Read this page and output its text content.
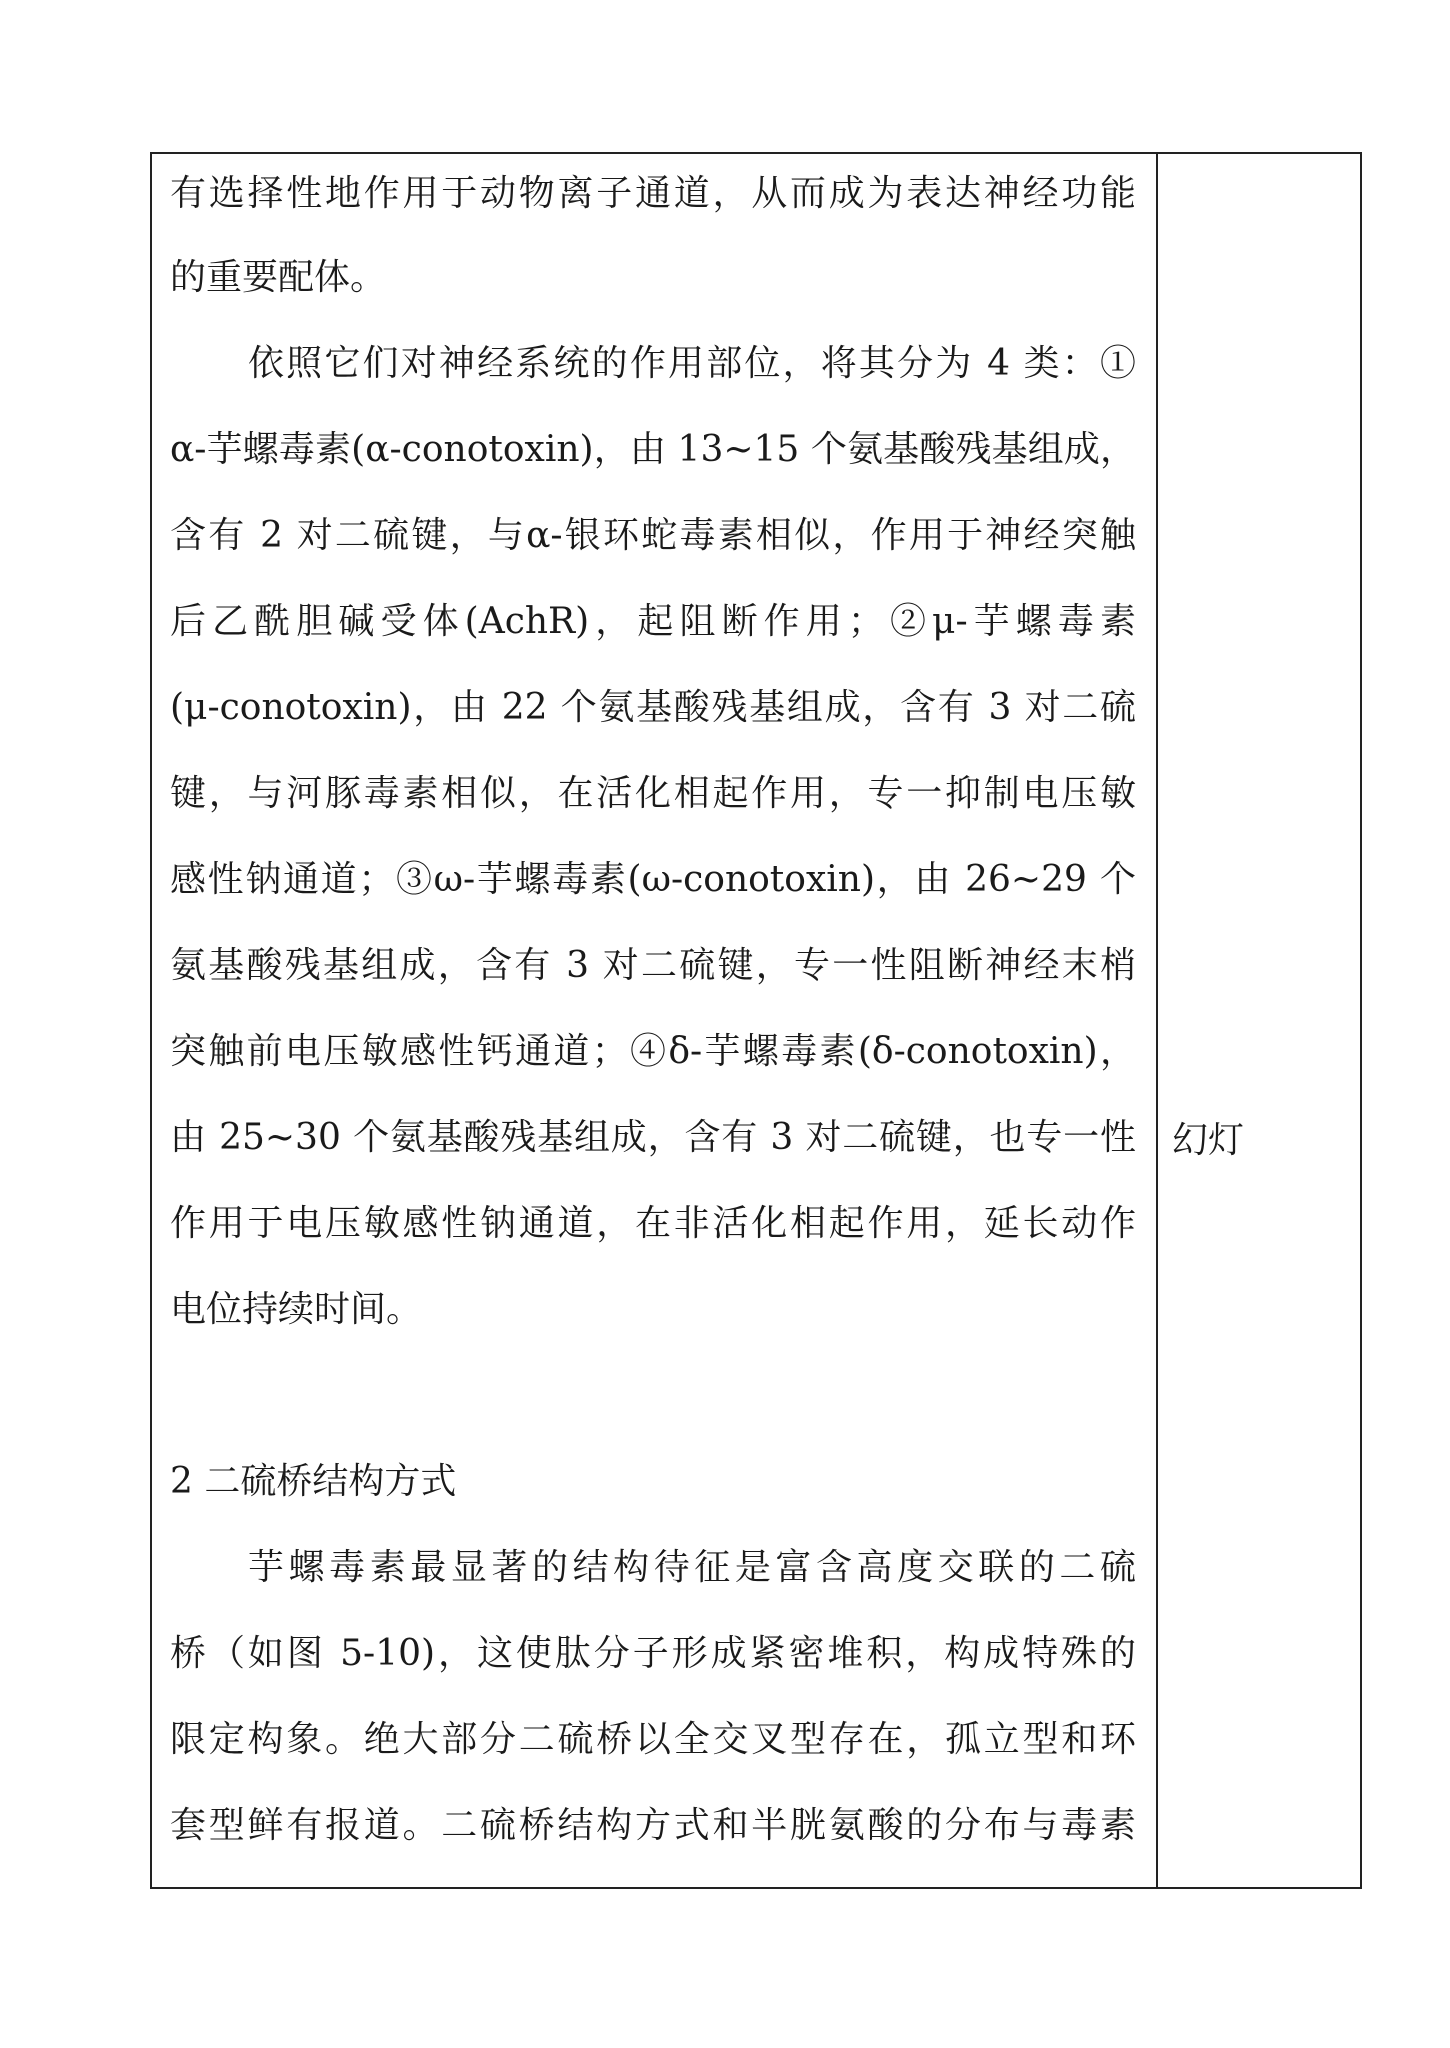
有选择性地作用于动物离子通道，从而成为表达神经功能
的重要配体。
依照它们对神经系统的作用部位，将其分为 4 类：①
α-芋螺毒素(α-conotoxin)，由 13~15 个氨基酸残基组成，
含有 2 对二硫键，与α-银环蛇毒素相似，作用于神经突触
后乙酰胆碱受体(AchR)，起阻断作用；②μ-芋螺毒素
(μ-conotoxin)，由 22 个氨基酸残基组成，含有 3 对二硫
键，与河豚毒素相似，在活化相起作用，专一抑制电压敏
感性钠通道；③ω-芋螺毒素(ω-conotoxin)，由 26~29 个
氨基酸残基组成，含有 3 对二硫键，专一性阻断神经末梢
突触前电压敏感性钙通道；④δ-芋螺毒素(δ-conotoxin)，
由 25~30 个氨基酸残基组成，含有 3 对二硫键，也专一性
作用于电压敏感性钠通道，在非活化相起作用，延长动作
电位持续时间。
2 二硫桥结构方式
芋螺毒素最显著的结构待征是富含高度交联的二硫
桥（如图 5-10)，这使肽分子形成紧密堆积，构成特殊的
限定构象。绝大部分二硫桥以全交叉型存在，孤立型和环
套型鲜有报道。二硫桥结构方式和半胱氨酸的分布与毒素
幻灯
